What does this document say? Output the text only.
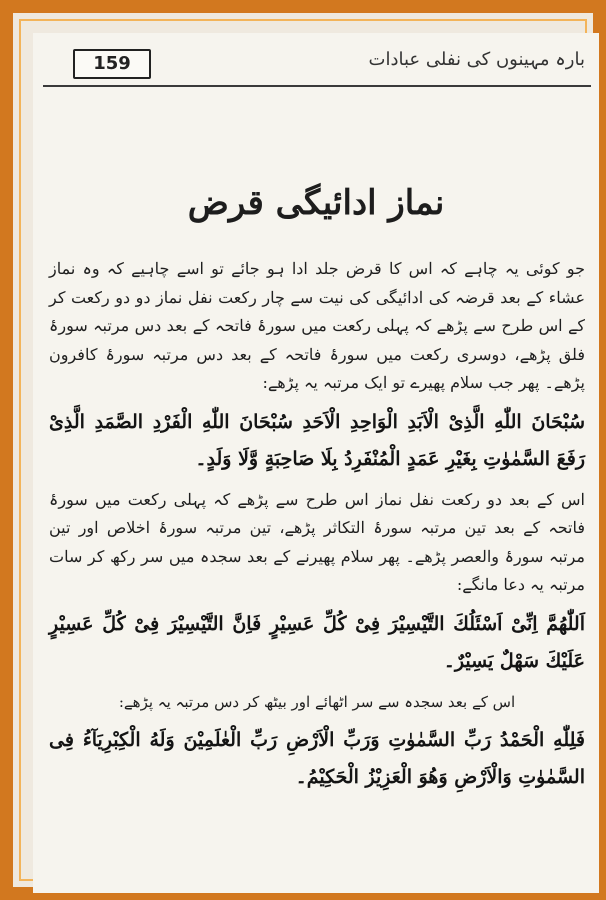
159	بارہ مہینوں کی نفلی عبادات
نماز ادائیگی قرض

جو کوئی یہ چاہے کہ اس کا قرض جلد ادا ہو جائے تو اسے چاہیے کہ وہ نماز عشاء کے بعد قرضہ کی ادائیگی کی نیت سے چار رکعت نفل نماز دو دو رکعت کر کے اس طرح سے پڑھے کہ پہلی رکعت میں سورۂ فاتحہ کے بعد دس مرتبہ سورۂ فلق پڑھے، دوسری رکعت میں سورۂ فاتحہ کے بعد دس مرتبہ سورۂ کافرون پڑھے۔ پھر جب سلام پھیرے تو ایک مرتبہ یہ پڑھے:

سُبْحَانَ اللّٰهِ الَّذِیْ الْاَبَدِ الْوَاحِدِ الْاَحَدِ سُبْحَانَ اللّٰهِ الْفَرْدِ الصَّمَدِ الَّذِیْ رَفَعَ السَّمٰوٰتِ بِغَیْرِ عَمَدٍ الْمُنْفَرِدُ بِلَا صَاحِبَةٍ وَّلَا وَلَدٍ۔

اس کے بعد دو رکعت نفل نماز اس طرح سے پڑھے کہ پہلی رکعت میں سورۂ فاتحہ کے بعد تین مرتبہ سورۂ التکاثر پڑھے، تین مرتبہ سورۂ اخلاص اور تین مرتبہ سورۂ والعصر پڑھے۔ پھر سلام پھیرنے کے بعد سجدہ میں سر رکھ کر سات مرتبہ یہ دعا مانگے:

اَللّٰهُمَّ اِنِّیْ اَسْئَلُكَ التَّیْسِیْرَ فِیْ كُلِّ عَسِیْرٍ فَاِنَّ التَّیْسِیْرَ فِیْ كُلِّ عَسِیْرٍ عَلَیْكَ سَهْلٌ یَسِیْرٌ۔

اس کے بعد سجدہ سے سر اٹھائے اور بیٹھ کر دس مرتبہ یہ پڑھے:

فَلِلّٰهِ الْحَمْدُ رَبِّ السَّمٰوٰتِ وَرَبِّ الْاَرْضِ رَبِّ الْعٰلَمِیْنَ وَلَهُ الْكِبْرِیَآءُ فِی السَّمٰوٰتِ وَالْاَرْضِ وَهُوَ الْعَزِیْزُ الْحَكِیْمُ۔
